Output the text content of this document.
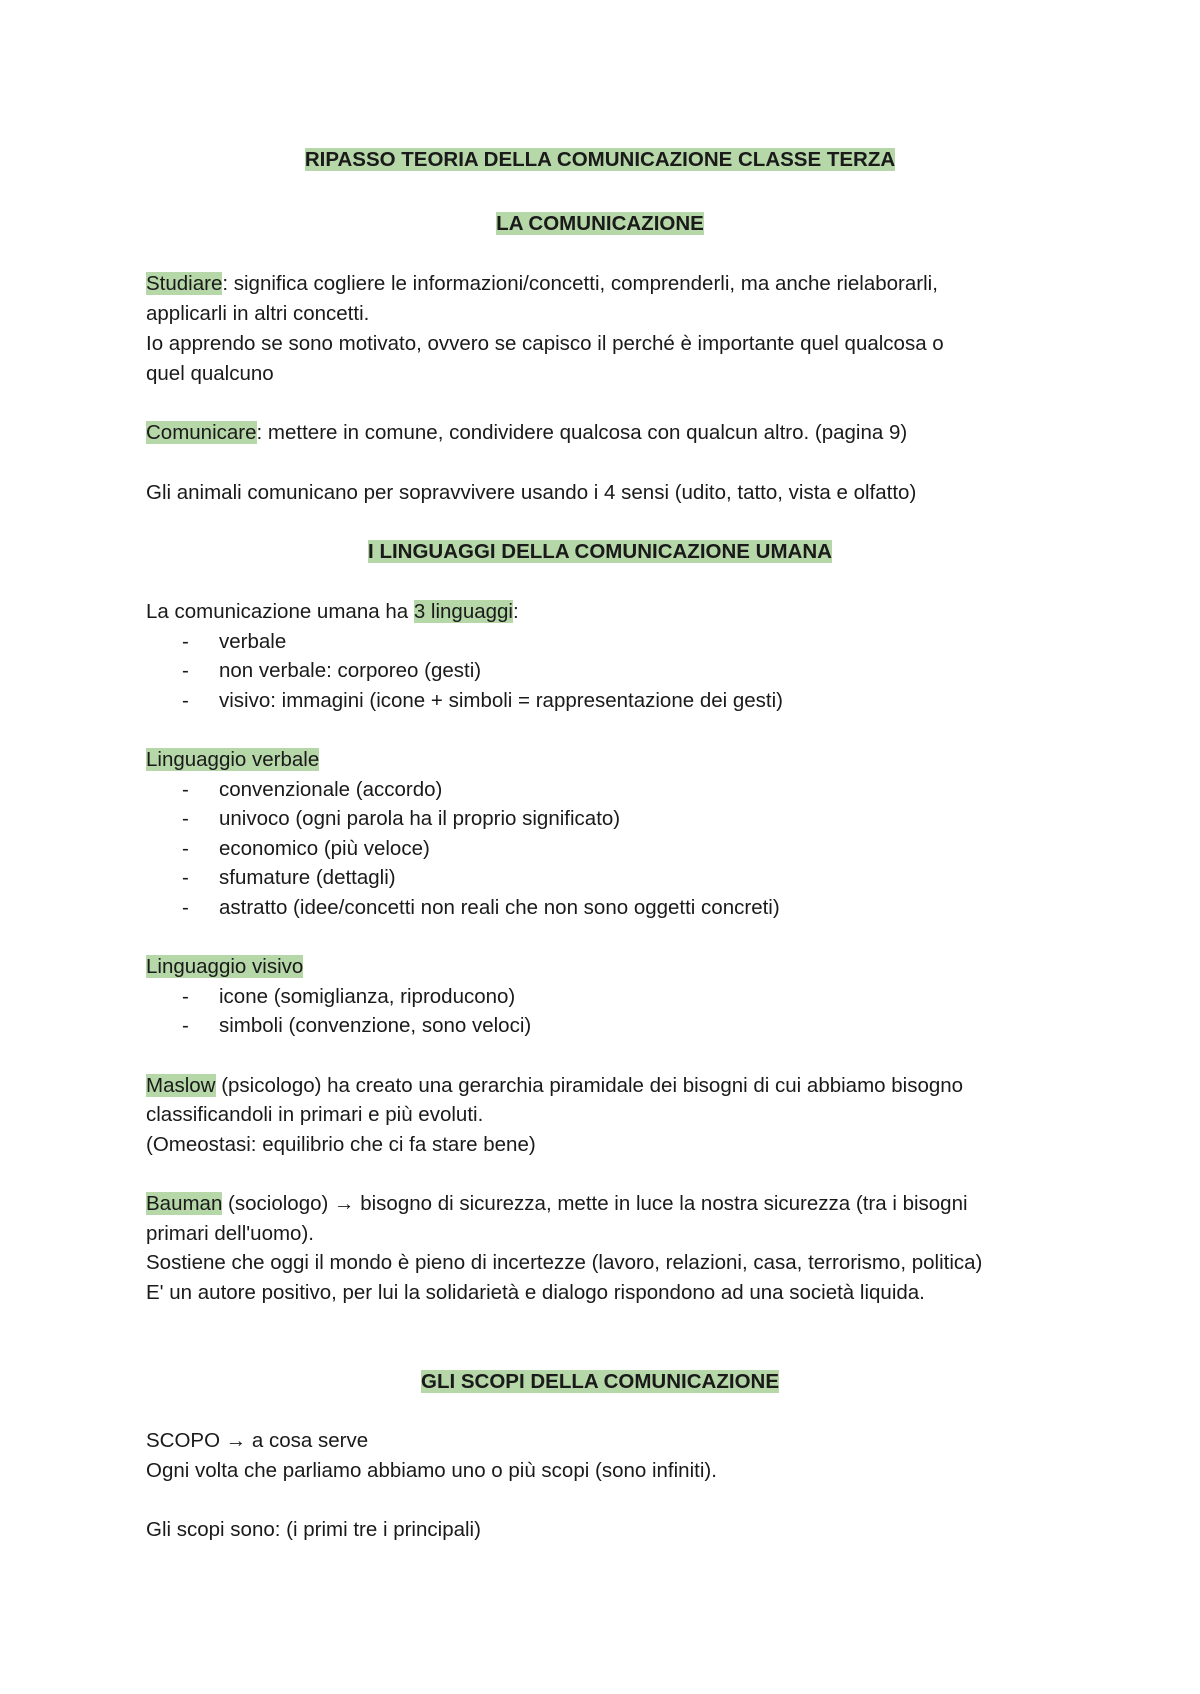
RIPASSO TEORIA DELLA COMUNICAZIONE CLASSE TERZA
LA COMUNICAZIONE
Studiare: significa cogliere le informazioni/concetti, comprenderli, ma anche rielaborarli,
applicarli in altri concetti.
Io apprendo se sono motivato, ovvero se capisco il perché è importante quel qualcosa o
quel qualcuno
Comunicare: mettere in comune, condividere qualcosa con qualcun altro. (pagina 9)
Gli animali comunicano per sopravvivere usando i 4 sensi (udito, tatto, vista e olfatto)
I LINGUAGGI DELLA COMUNICAZIONE UMANA
La comunicazione umana ha 3 linguaggi:
- verbale
- non verbale: corporeo (gesti)
- visivo: immagini (icone + simboli = rappresentazione dei gesti)
Linguaggio verbale
- convenzionale (accordo)
- univoco (ogni parola ha il proprio significato)
- economico (più veloce)
- sfumature (dettagli)
- astratto (idee/concetti non reali che non sono oggetti concreti)
Linguaggio visivo
- icone (somiglianza, riproducono)
- simboli (convenzione, sono veloci)
Maslow (psicologo) ha creato una gerarchia piramidale dei bisogni di cui abbiamo bisogno
classificandoli in primari e più evoluti.
(Omeostasi: equilibrio che ci fa stare bene)
Bauman (sociologo) → bisogno di sicurezza, mette in luce la nostra sicurezza (tra i bisogni
primari dell'uomo).
Sostiene che oggi il mondo è pieno di incertezze (lavoro, relazioni, casa, terrorismo, politica)
E' un autore positivo, per lui la solidarietà e dialogo rispondono ad una società liquida.
GLI SCOPI DELLA COMUNICAZIONE
SCOPO → a cosa serve
Ogni volta che parliamo abbiamo uno o più scopi (sono infiniti).
Gli scopi sono: (i primi tre i principali)
